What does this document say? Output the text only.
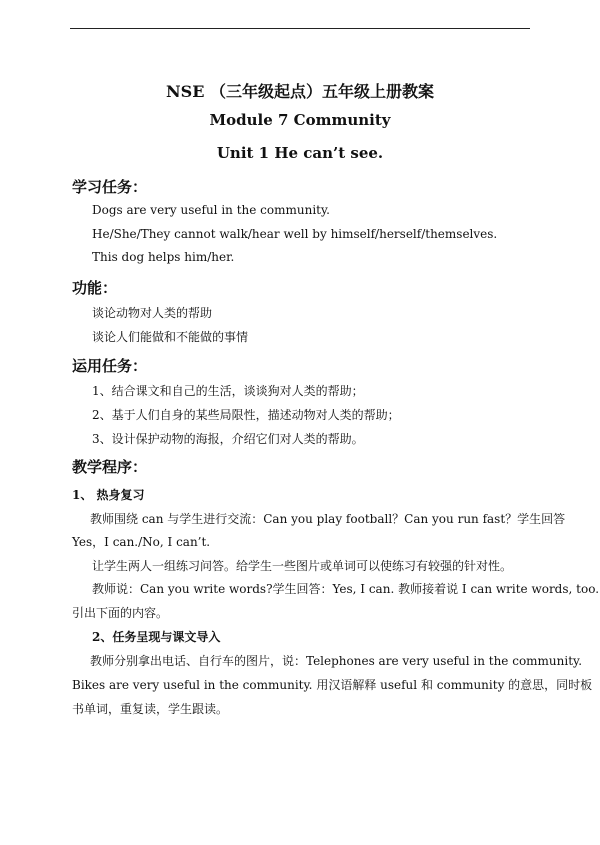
NSE （三年级起点）五年级上册教案
Module 7 Community
Unit 1 He can’t see.
学习任务：
Dogs are very useful in the community.
He/She/They cannot walk/hear well by himself/herself/themselves.
This dog helps him/her.
功能：
谈论动物对人类的帮助
谈论人们能做和不能做的事情
运用任务：
1、结合课文和自己的生活，谈谈狗对人类的帮助；
2、基于人们自身的某些局限性，描述动物对人类的帮助；
3、设计保护动物的海报，介绍它们对人类的帮助。
教学程序：
1、 热身复习
教师围绕 can 与学生进行交流：Can you play football？Can you run fast？学生回答
Yes，I can./No, I can’t.
让学生两人一组练习问答。给学生一些图片或单词可以使练习有较强的针对性。
教师说：Can you write words?学生回答：Yes, I can. 教师接着说 I can write words, too.
引出下面的内容。
2、任务呈现与课文导入
教师分别拿出电话、自行车的图片，说：Telephones are very useful in the community.
Bikes are very useful in the community. 用汉语解释 useful 和 community 的意思，同时板
书单词，重复读，学生跟读。
